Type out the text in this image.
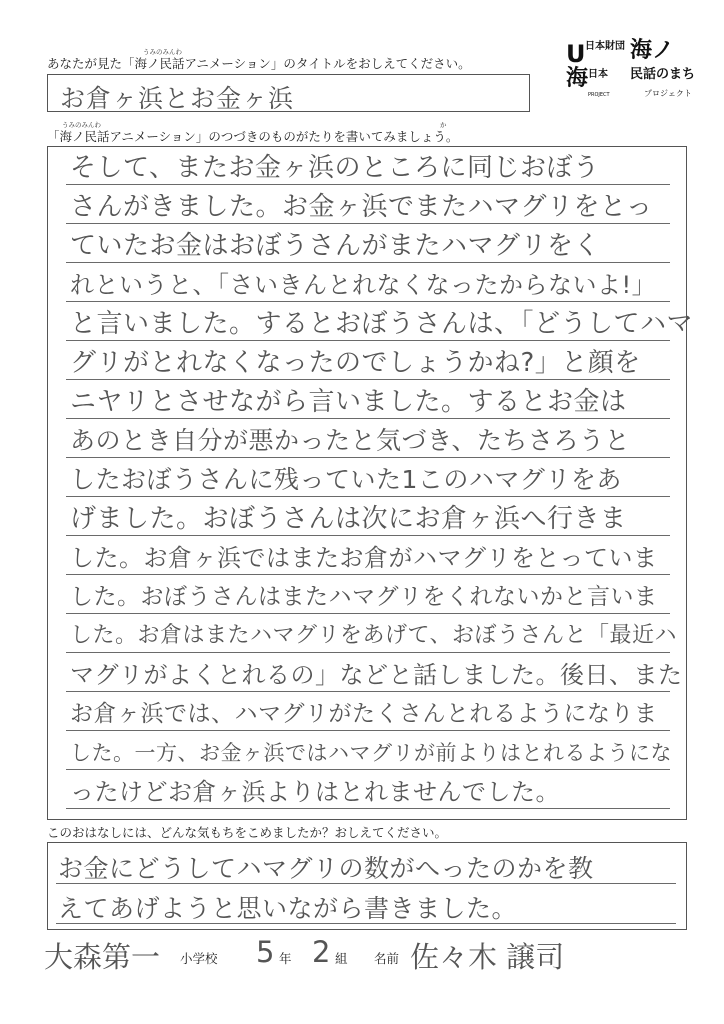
うみのみんわ
あなたが見た「海ノ民話アニメーション」のタイトルをおしえてください。	U 日本 財団
海 日本
PROJECT
海ノ
民話のまち
プロジェクト
お倉ヶ浜とお金ヶ浜
うみのみんわ	か
「海ノ民話アニメーション」のつづきのものがたりを書いてみましょう。
そして、またお金ヶ浜のところに同じおぼう
さんがきました。お金ヶ浜でまたハマグリをとっ
ていたお金はおぼうさんがまたハマグリをく
れというと、「さいきんとれなくなったからないよ!」
と言いました。するとおぼうさんは、「どうしてハマ
グリがとれなくなったのでしょうかね?」と顔を
ニヤリとさせながら言いました。するとお金は
あのとき自分が悪かったと気づき、たちさろうと
したおぼうさんに残っていた1このハマグリをあ
げました。おぼうさんは次にお倉ヶ浜へ行きま
した。お倉ヶ浜ではまたお倉がハマグリをとっていま
した。おぼうさんはまたハマグリをくれないかと言いま
した。お倉はまたハマグリをあげて、おぼうさんと「最近ハ
マグリがよくとれるの」などと話しました。後日、また
お倉ヶ浜では、ハマグリがたくさんとれるようになりま
した。一方、お金ヶ浜ではハマグリが前よりはとれるようにな
ったけどお倉ヶ浜よりはとれませんでした。
このおはなしには、どんな気もちをこめましたか？おしえてください。
お金にどうしてハマグリの数がへったのかを教
えてあげようと思いながら書きました。
大森第一 小学校 5 年 2 組 名前 佐々木 譲司
